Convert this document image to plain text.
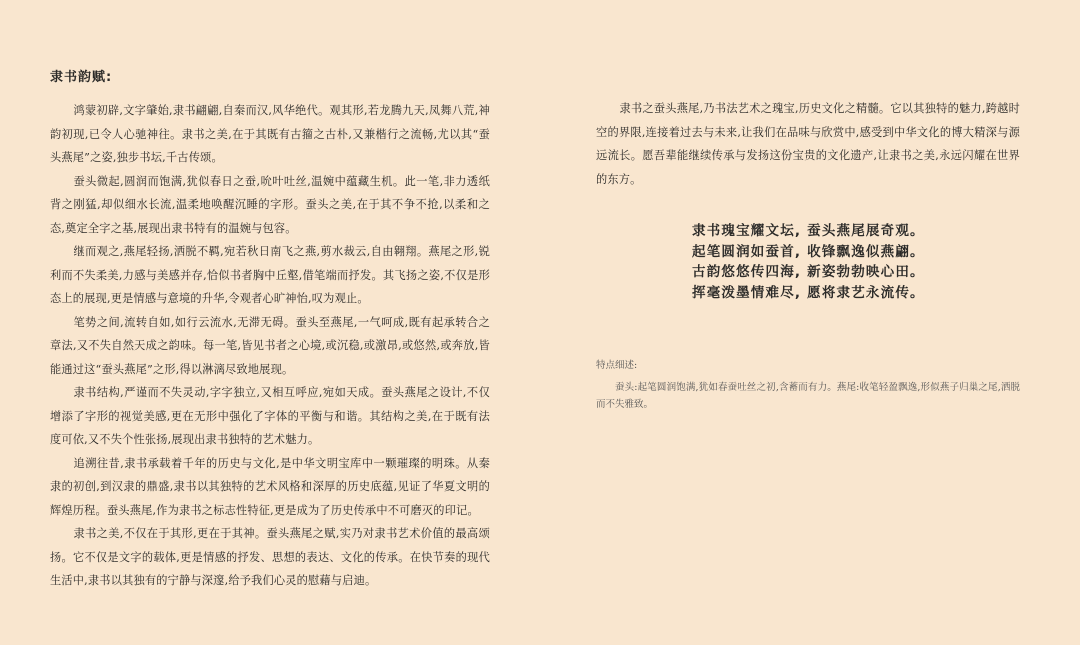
隶书韵赋:

鸿蒙初辟,文字肇始,隶书翩翩,自秦而汉,风华绝代。观其形,若龙腾九天,凤舞八荒,神韵初现,已令人心驰神往。隶书之美,在于其既有古籀之古朴,又兼楷行之流畅,尤以其“蚕头燕尾”之姿,独步书坛,千古传颂。

蚕头微起,圆润而饱满,犹似春日之蚕,吮叶吐丝,温婉中蕴藏生机。此一笔,非力透纸背之刚猛,却似细水长流,温柔地唤醒沉睡的字形。蚕头之美,在于其不争不抢,以柔和之态,奠定全字之基,展现出隶书特有的温婉与包容。

继而观之,燕尾轻扬,洒脱不羁,宛若秋日南飞之燕,剪水裁云,自由翱翔。燕尾之形,锐利而不失柔美,力感与美感并存,恰似书者胸中丘壑,借笔端而抒发。其飞扬之姿,不仅是形态上的展现,更是情感与意境的升华,令观者心旷神怡,叹为观止。

笔势之间,流转自如,如行云流水,无滞无碍。蚕头至燕尾,一气呵成,既有起承转合之章法,又不失自然天成之韵味。每一笔,皆见书者之心境,或沉稳,或激昂,或悠然,或奔放,皆能通过这“蚕头燕尾”之形,得以淋漓尽致地展现。

隶书结构,严谨而不失灵动,字字独立,又相互呼应,宛如天成。蚕头燕尾之设计,不仅增添了字形的视觉美感,更在无形中强化了字体的平衡与和谐。其结构之美,在于既有法度可依,又不失个性张扬,展现出隶书独特的艺术魅力。

追溯往昔,隶书承载着千年的历史与文化,是中华文明宝库中一颗璀璨的明珠。从秦隶的初创,到汉隶的鼎盛,隶书以其独特的艺术风格和深厚的历史底蕴,见证了华夏文明的辉煌历程。蚕头燕尾,作为隶书之标志性特征,更是成为了历史传承中不可磨灭的印记。

隶书之美,不仅在于其形,更在于其神。蚕头燕尾之赋,实乃对隶书艺术价值的最高颂扬。它不仅是文字的载体,更是情感的抒发、思想的表达、文化的传承。在快节奏的现代生活中,隶书以其独有的宁静与深邃,给予我们心灵的慰藉与启迪。

隶书之蚕头燕尾,乃书法艺术之瑰宝,历史文化之精髓。它以其独特的魅力,跨越时空的界限,连接着过去与未来,让我们在品味与欣赏中,感受到中华文化的博大精深与源远流长。愿吾辈能继续传承与发扬这份宝贵的文化遗产,让隶书之美,永远闪耀在世界的东方。

隶书瑰宝耀文坛, 蚕头燕尾展奇观。
起笔圆润如蚕首, 收锋飘逸似燕翩。
古韵悠悠传四海, 新姿勃勃映心田。
挥毫泼墨情难尽, 愿将隶艺永流传。

特点细述:

蚕头:起笔圆润饱满,犹如春蚕吐丝之初,含蓄而有力。燕尾:收笔轻盈飘逸,形似燕子归巢之尾,洒脱而不失雅致。
